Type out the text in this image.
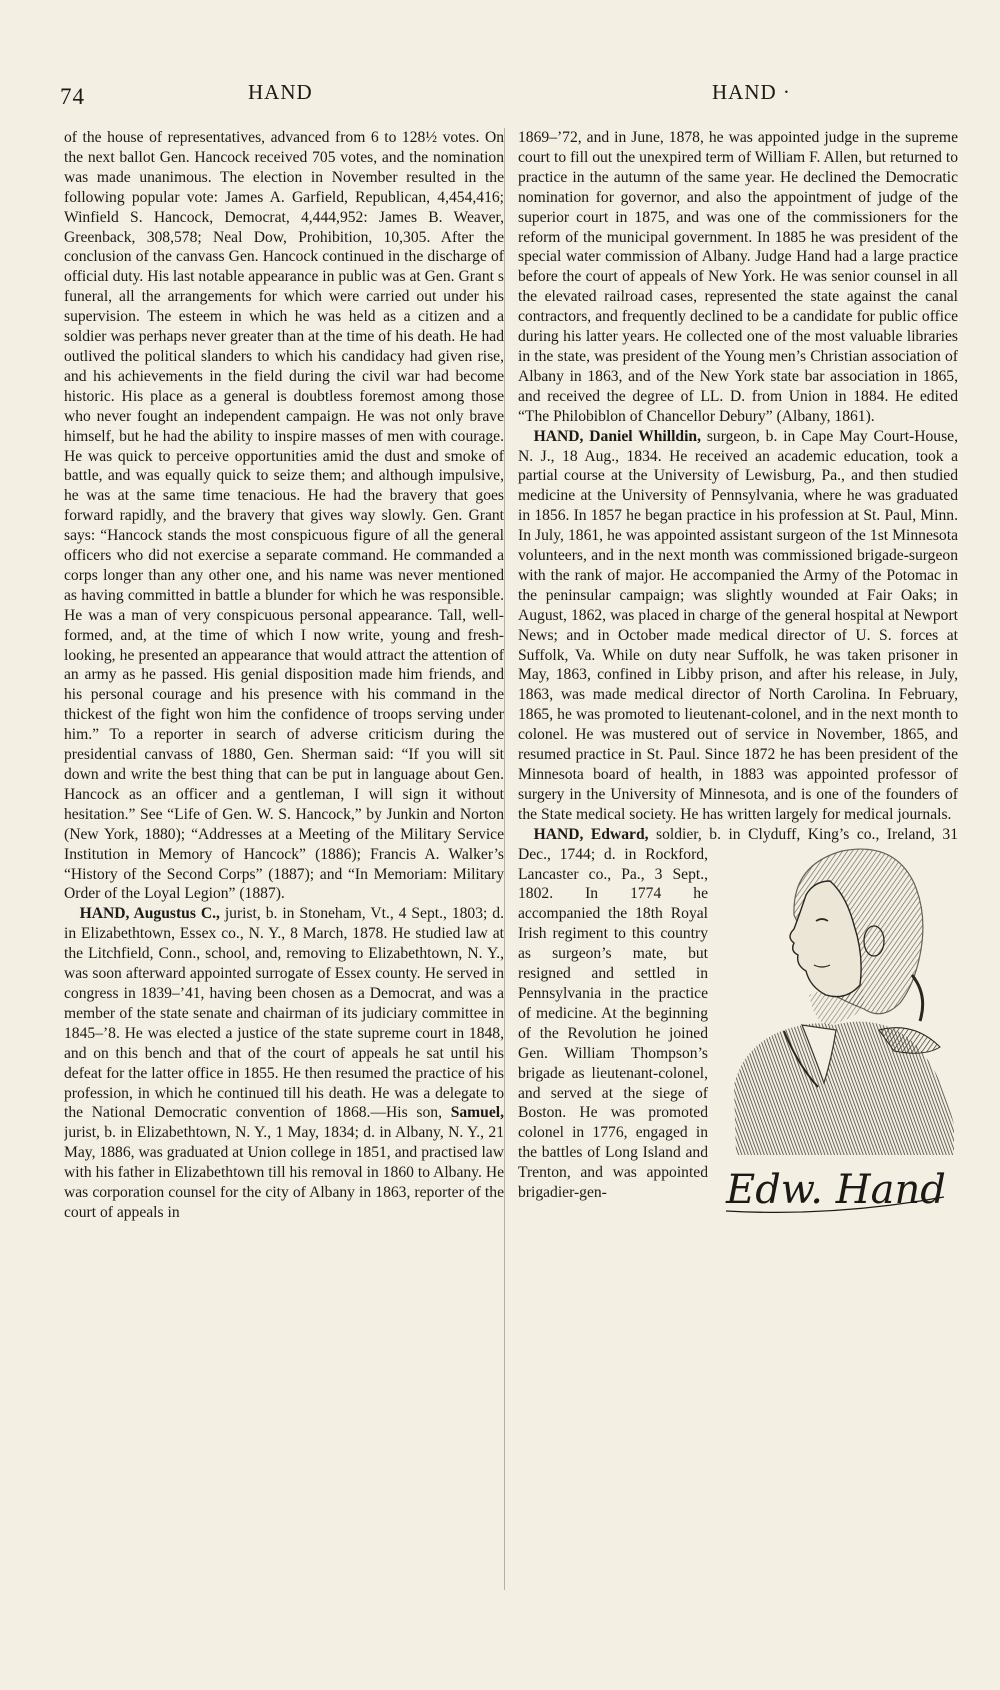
74	HAND	HAND ·

of the house of representatives, advanced from 6 to 128½ votes. On the next ballot Gen. Hancock received 705 votes, and the nomination was made unanimous. The election in November resulted in the following popular vote: James A. Garfield, Republican, 4,454,416; Winfield S. Hancock, Democrat, 4,444,952: James B. Weaver, Greenback, 308,578; Neal Dow, Prohibition, 10,305. After the conclusion of the canvass Gen. Hancock continued in the discharge of official duty. His last notable appearance in public was at Gen. Grant s funeral, all the arrangements for which were carried out under his supervision. The esteem in which he was held as a citizen and a soldier was perhaps never greater than at the time of his death. He had outlived the political slanders to which his candidacy had given rise, and his achievements in the field during the civil war had become historic. His place as a general is doubtless foremost among those who never fought an independent campaign. He was not only brave himself, but he had the ability to inspire masses of men with courage. He was quick to perceive opportunities amid the dust and smoke of battle, and was equally quick to seize them; and although impulsive, he was at the same time tenacious. He had the bravery that goes forward rapidly, and the bravery that gives way slowly. Gen. Grant says: “Hancock stands the most conspicuous figure of all the general officers who did not exercise a separate command. He commanded a corps longer than any other one, and his name was never mentioned as having committed in battle a blunder for which he was responsible. He was a man of very conspicuous personal appearance. Tall, well-formed, and, at the time of which I now write, young and fresh-looking, he presented an appearance that would attract the attention of an army as he passed. His genial disposition made him friends, and his personal courage and his presence with his command in the thickest of the fight won him the confidence of troops serving under him.” To a reporter in search of adverse criticism during the presidential canvass of 1880, Gen. Sherman said: “If you will sit down and write the best thing that can be put in language about Gen. Hancock as an officer and a gentleman, I will sign it without hesitation.” See “Life of Gen. W. S. Hancock,” by Junkin and Norton (New York, 1880); “Addresses at a Meeting of the Military Service Institution in Memory of Hancock” (1886); Francis A. Walker’s “History of the Second Corps” (1887); and “In Memoriam: Military Order of the Loyal Legion” (1887).

 HAND, Augustus C., jurist, b. in Stoneham, Vt., 4 Sept., 1803; d. in Elizabethtown, Essex co., N. Y., 8 March, 1878. He studied law at the Litchfield, Conn., school, and, removing to Elizabethtown, N. Y., was soon afterward appointed surrogate of Essex county. He served in congress in 1839–’41, having been chosen as a Democrat, and was a member of the state senate and chairman of its judiciary committee in 1845–’8. He was elected a justice of the state supreme court in 1848, and on this bench and that of the court of appeals he sat until his defeat for the latter office in 1855. He then resumed the practice of his profession, in which he continued till his death. He was a delegate to the National Democratic convention of 1868.—His son, Samuel, jurist, b. in Elizabethtown, N. Y., 1 May, 1834; d. in Albany, N. Y., 21 May, 1886, was graduated at Union college in 1851, and practised law with his father in Elizabethtown till his removal in 1860 to Albany. He was corporation counsel for the city of Albany in 1863, reporter of the court of appeals in

1869–’72, and in June, 1878, he was appointed judge in the supreme court to fill out the unexpired term of William F. Allen, but returned to practice in the autumn of the same year. He declined the Democratic nomination for governor, and also the appointment of judge of the superior court in 1875, and was one of the commissioners for the reform of the municipal government. In 1885 he was president of the special water commission of Albany. Judge Hand had a large practice before the court of appeals of New York. He was senior counsel in all the elevated railroad cases, represented the state against the canal contractors, and frequently declined to be a candidate for public office during his latter years. He collected one of the most valuable libraries in the state, was president of the Young men’s Christian association of Albany in 1863, and of the New York state bar association in 1865, and received the degree of LL. D. from Union in 1884. He edited “The Philobiblon of Chancellor Debury” (Albany, 1861).

 HAND, Daniel Whilldin, surgeon, b. in Cape May Court-House, N. J., 18 Aug., 1834. He received an academic education, took a partial course at the University of Lewisburg, Pa., and then studied medicine at the University of Pennsylvania, where he was graduated in 1856. In 1857 he began practice in his profession at St. Paul, Minn. In July, 1861, he was appointed assistant surgeon of the 1st Minnesota volunteers, and in the next month was commissioned brigade-surgeon with the rank of major. He accompanied the Army of the Potomac in the peninsular campaign; was slightly wounded at Fair Oaks; in August, 1862, was placed in charge of the general hospital at Newport News; and in October made medical director of U. S. forces at Suffolk, Va. While on duty near Suffolk, he was taken prisoner in May, 1863, confined in Libby prison, and after his release, in July, 1863, was made medical director of North Carolina. In February, 1865, he was promoted to lieutenant-colonel, and in the next month to colonel. He was mustered out of service in November, 1865, and resumed practice in St. Paul. Since 1872 he has been president of the Minnesota board of health, in 1883 was appointed professor of surgery in the University of Minnesota, and is one of the founders of the State medical society. He has written largely for medical journals.

 HAND, Edward,
Edw. Hand
soldier, b. in Clyduff, King’s co., Ireland, 31 Dec., 1744; d. in Rockford, Lancaster co., Pa., 3 Sept., 1802. In 1774 he accompanied the 18th Royal Irish regiment to this country as surgeon’s mate, but resigned and settled in Pennsylvania in the practice of medicine. At the beginning of the Revolution he joined Gen. William Thompson’s brigade as lieutenant-colonel, and served at the siege of Boston. He was promoted colonel in 1776, engaged in the battles of Long Island and Trenton, and was appointed brigadier-gen-
